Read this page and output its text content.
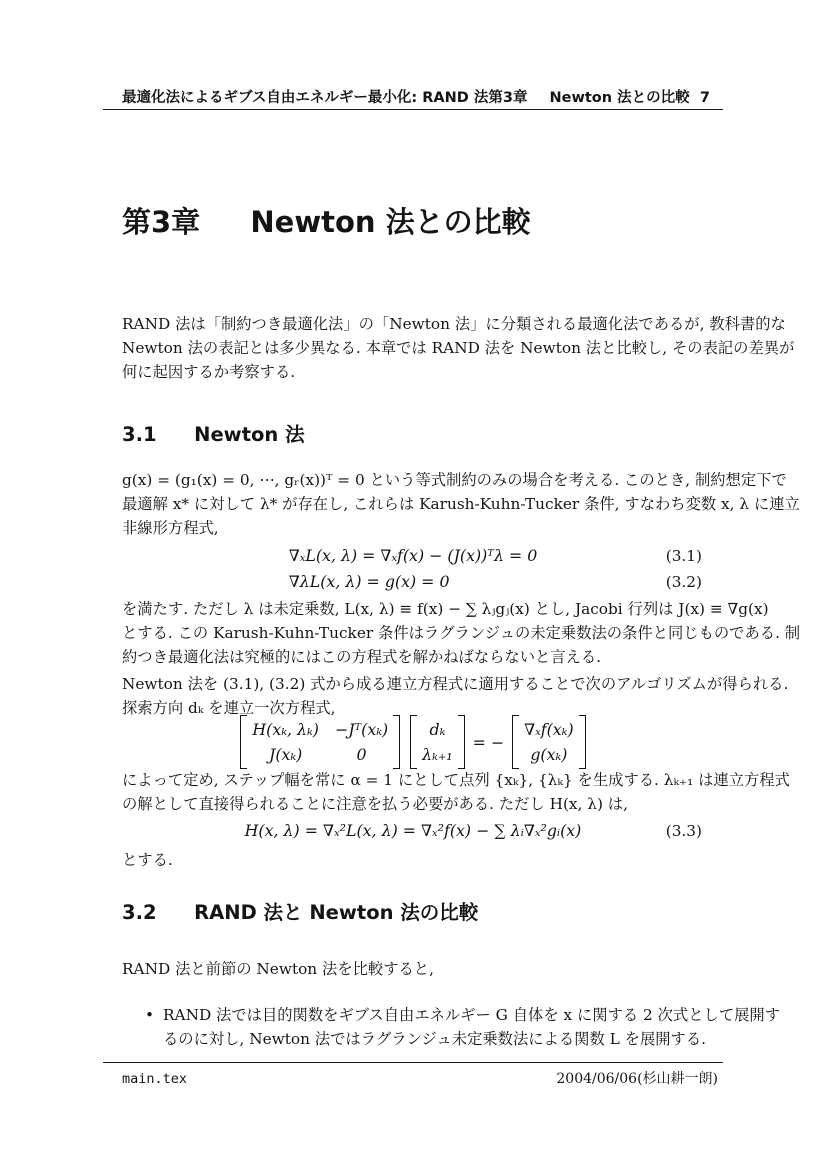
最適化法によるギブス自由エネルギー最小化: RAND 法第3章 Newton 法との比較 7
第3章 Newton 法との比較
RAND 法は「制約つき最適化法」の「Newton 法」に分類される最適化法であるが, 教科書的な
Newton 法の表記とは多少異なる. 本章では RAND 法を Newton 法と比較し, その表記の差異が
何に起因するか考察する.
3.1 Newton 法
g(x) = (g₁(x) = 0, ⋯, gᵣ(x))ᵀ = 0 という等式制約のみの場合を考える. このとき, 制約想定下で
最適解 x* に対して λ* が存在し, これらは Karush-Kuhn-Tucker 条件, すなわち変数 x, λ に連立
非線形方程式,
∇ₓL(x, λ) = ∇ₓf(x) − (J(x))ᵀλ = 0
∇λL(x, λ) = g(x) = 0
(3.1)
(3.2)
を満たす. ただし λ は未定乗数, L(x, λ) ≡ f(x) − ∑ λⱼgⱼ(x) とし, Jacobi 行列は J(x) ≡ ∇g(x)
とする. この Karush-Kuhn-Tucker 条件はラグランジュの未定乗数法の条件と同じものである. 制
約つき最適化法は究極的にはこの方程式を解かねばならないと言える.
Newton 法を (3.1), (3.2) 式から成る連立方程式に適用することで次のアルゴリズムが得られる.
探索方向 dₖ を連立一次方程式,
H(xₖ, λₖ) −Jᵀ(xₖ)
J(xₖ)	0
dₖ
λₖ₊₁
= −
∇ₓf(xₖ)
g(xₖ)
によって定め, ステップ幅を常に α = 1 にとして点列 {xₖ}, {λₖ} を生成する. λₖ₊₁ は連立方程式
の解として直接得られることに注意を払う必要がある. ただし H(x, λ) は,
H(x, λ) = ∇ₓ²L(x, λ) = ∇ₓ²f(x) − ∑ λᵢ∇ₓ²gᵢ(x)	(3.3)
とする.
3.2 RAND 法と Newton 法の比較
RAND 法と前節の Newton 法を比較すると,
• RAND 法では目的関数をギブス自由エネルギー G 自体を x に関する 2 次式として展開す
るのに対し, Newton 法ではラグランジュ未定乗数法による関数 L を展開する.
main.tex	2004/06/06(杉山耕一朗)
